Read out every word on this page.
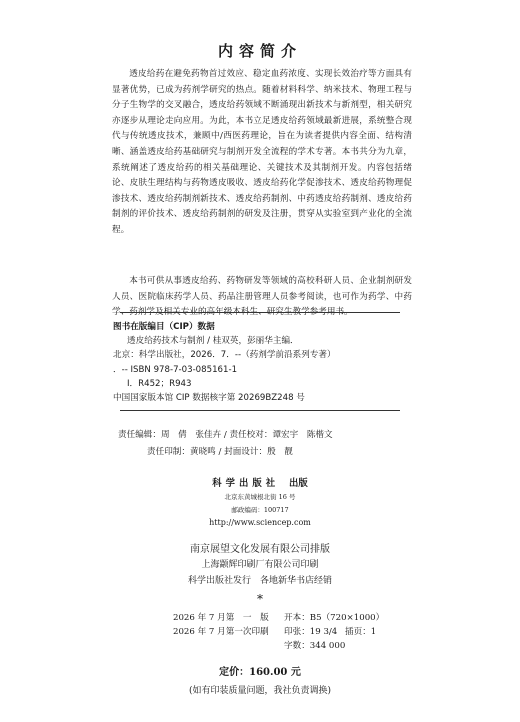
内容简介

透皮给药在避免药物首过效应、稳定血药浓度、实现长效治疗等方面具有显著优势，已成为药剂学研究的热点。随着材料科学、纳米技术、物理工程与分子生物学的交叉融合，透皮给药领域不断涌现出新技术与新剂型，相关研究亦逐步从理论走向应用。为此，本书立足透皮给药领域最新进展，系统整合现代与传统透皮技术，兼顾中/西医药理论，旨在为读者提供内容全面、结构清晰、涵盖透皮给药基础研究与制剂开发全流程的学术专著。本书共分为九章，系统阐述了透皮给药的相关基础理论、关键技术及其制剂开发。内容包括绪论、皮肤生理结构与药物透皮吸收、透皮给药化学促渗技术、透皮给药物理促渗技术、透皮给药制剂新技术、透皮给药制剂、中药透皮给药制剂、透皮给药制剂的评价技术、透皮给药制剂的研发及注册，贯穿从实验室到产业化的全流程。

本书可供从事透皮给药、药物研发等领域的高校科研人员、企业制剂研发人员、医院临床药学人员、药品注册管理人员参考阅读，也可作为药学、中药学、药剂学及相关专业的高年级本科生、研究生教学参考用书。

图书在版编目（CIP）数据
透皮给药技术与制剂 / 桂双英，彭丽华主编．
北京：科学出版社，2026．7．--（药剂学前沿系列专著）
．-- ISBN 978-7-03-085161-1
Ⅰ．R452；R943
中国国家版本馆 CIP 数据核字第 20269BZ248 号
责任编辑：周　倩　张佳卉 / 责任校对：谭宏宇　陈楷文
责任印制：黄晓鸣 / 封面设计：殷　靓
科学出版社 出版
北京东黄城根北街 16 号
邮政编码：100717
http://www.sciencep.com
南京展望文化发展有限公司排版
上海颛辉印刷厂有限公司印刷
科学出版社发行　各地新华书店经销
*
2026 年 7 月第　一　版 开本：B5（720×1000）
2026 年 7 月第一次印刷 印张：19 3/4 插页：1
字数：344 000
定价：160.00 元
(如有印装质量问题，我社负责调换)
